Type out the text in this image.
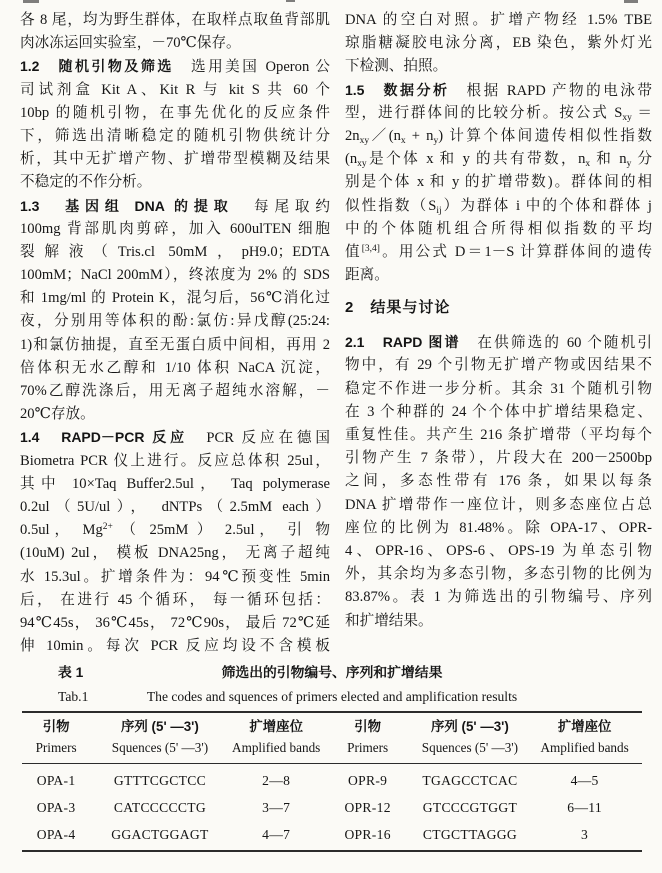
各 8 尾，均为野生群体，在取样点取鱼背部肌
肉冰冻运回实验室，－70℃保存。
1.2　随机引物及筛选　选用美国 Operon 公
司试剂盒 Kit A、Kit R 与 kit S 共 60 个
10bp 的随机引物，在事先优化的反应条件
下，筛选出清晰稳定的随机引物供统计分
析，其中无扩增产物、扩增带型模糊及结果
不稳定的不作分析。
1.3　基因组 DNA 的提取　每尾取约
100mg 背部肌肉剪碎，加入 600ulTEN 细胞
裂解液（Tris.cl 50mM，pH9.0；EDTA
100mM；NaCl 200mM），终浓度为 2% 的 SDS
和 1mg/ml 的 Protein K，混匀后，56℃消化过
夜，分别用等体积的酚:氯仿:异戊醇(25:24:
1)和氯仿抽提，直至无蛋白质中间相，再用 2
倍体积无水乙醇和 1/10 体积 NaCA 沉淀，
70%乙醇洗涤后，用无离子超纯水溶解，－
20℃存放。
1.4　RAPD－PCR 反应　PCR 反应在德国
Biometra PCR 仪上进行。反应总体积 25ul，
其中 10×Taq Buffer2.5ul， Taq polymerase
0.2ul（5U/ul）， dNTPs（2.5mM each）
0.5ul， $Mg^{2+}$ （ 25mM ） 2.5ul， 引 物
(10uM) 2ul， 模板 DNA25ng， 无离子超纯
水 15.3ul。扩增条件为：94℃预变性 5min
后， 在进行 45 个循环， 每一循环包括：
94℃45s， 36℃45s， 72℃90s， 最后 72℃延
伸 10min。每次 PCR 反应均设不含模板
DNA 的空白对照。扩增产物经 1.5% TBE
琼脂糖凝胶电泳分离，EB 染色，紫外灯光
下检测、拍照。
1.5　数据分析　根据 RAPD 产物的电泳带
型，进行群体间的比较分析。按公式 $S_{xy}$ ＝
$2n_{xy}/(n_x + n_y)$ 计算个体间遗传相似性指数
($n_{xy}$是个体 x 和 y 的共有带数，$n_x$ 和 $n_y$ 分
别是个体 x 和 y 的扩增带数)。群体间的相
似性指数$(S_{ij})$为群体 i 中的个体和群体 j
中的个体随机组合所得相似指数的平均
值[3,4]。用公式 D＝1－S 计算群体间的遗传
距离。
2　结果与讨论
2.1　RAPD 图谱　在供筛选的 60 个随机引
物中，有 29 个引物无扩增产物或因结果不
稳定不作进一步分析。其余 31 个随机引物
在 3 个种群的 24 个个体中扩增结果稳定、
重复性佳。共产生 216 条扩增带（平均每个
引物产生 7 条带），片段大在 200－2500bp
之间，多态性带有 176 条，如果以每条
DNA 扩增带作一座位计，则多态座位占总
座位的比例为 81.48%。除 OPA-17、OPR-
4、OPR-16、OPS-6、OPS-19 为单态引物
外，其余均为多态引物，多态引物的比例为
83.87%。表 1 为筛选出的引物编号、序列
和扩增结果。
表 1	筛选出的引物编号、序列和扩增结果
Tab.1	The codes and squences of primers elected and amplification results
引物	序列 (5' —3')	扩增座位	引物	序列 (5' —3')	扩增座位
Primers	Squences (5' —3')	Amplified bands	Primers	Squences (5' —3')	Amplified bands
OPA-1	GTTTCGCTCC	2—8	OPR-9	TGAGCCTCAC	4—5
OPA-3	CATCCCCCTG	3—7	OPR-12	GTCCCGTGGT	6—11
OPA-4	GGACTGGAGT	4—7	OPR-16	CTGCTTAGGG	3
